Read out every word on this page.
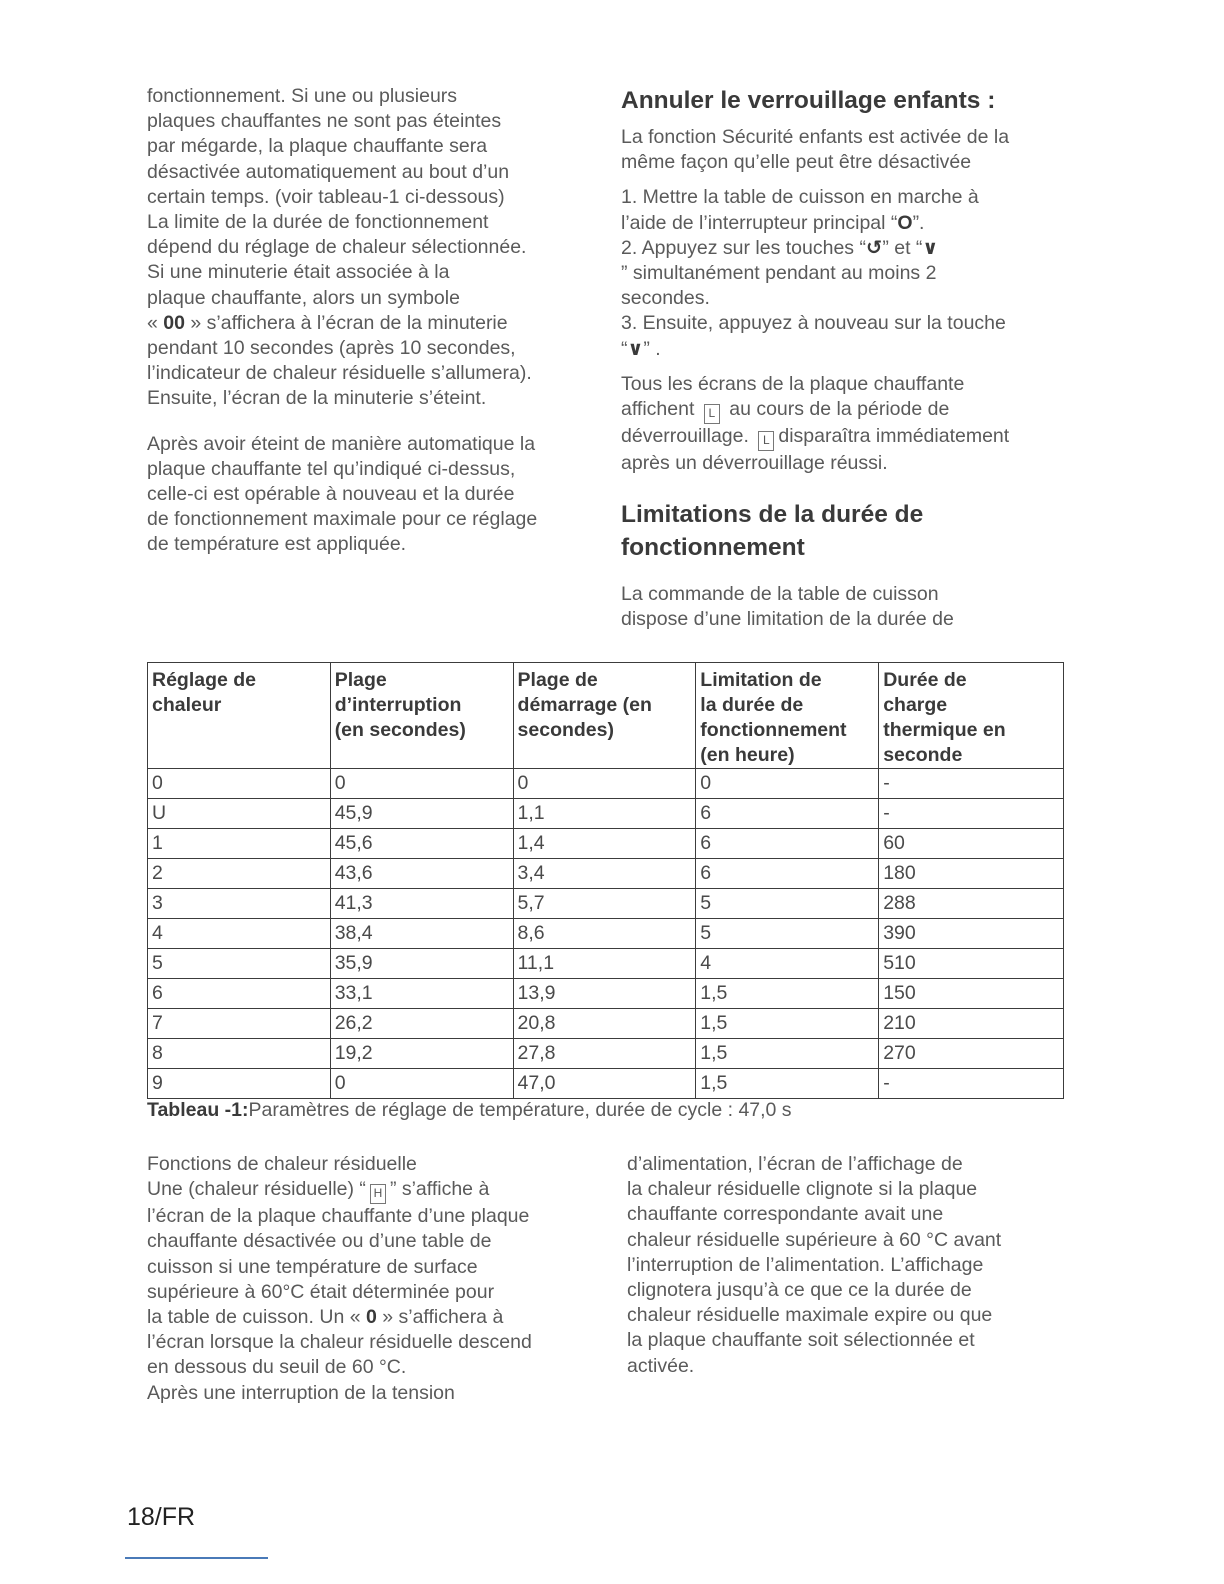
fonctionnement. Si une ou plusieurs

plaques chauffantes ne sont pas éteintes

par mégarde, la plaque chauffante sera

désactivée automatiquement au bout d’un

certain temps. (voir tableau-1 ci-dessous)

La limite de la durée de fonctionnement

dépend du réglage de chaleur sélectionnée.

Si une minuterie était associée à la

plaque chauffante, alors un symbole

« 00 » s’affichera à l’écran de la minuterie

pendant 10 secondes (après 10 secondes,

l’indicateur de chaleur résiduelle s’allumera).

Ensuite, l’écran de la minuterie s’éteint.

Après avoir éteint de manière automatique la

plaque chauffante tel qu’indiqué ci-dessus,

celle-ci est opérable à nouveau et la durée

de fonctionnement maximale pour ce réglage

de température est appliquée.

Annuler le verrouillage enfants :

La fonction Sécurité enfants est activée de la

même façon qu’elle peut être désactivée

1. Mettre la table de cuisson en marche à

l’aide de l’interrupteur principal “O”.

2. Appuyez sur les touches “↺” et “∨

” simultanément pendant au moins 2

secondes.

3. Ensuite, appuyez à nouveau sur la touche

“∨” .

Tous les écrans de la plaque chauffante

affichent L au cours de la période de

déverrouillage. L disparaîtra immédiatement

après un déverrouillage réussi.

Limitations de la durée de
fonctionnement

La commande de la table de cuisson

dispose d’une limitation de la durée de

Réglage de
chaleur	Plage
d’interruption
(en secondes)	Plage de
démarrage (en
secondes)	Limitation de
la durée de
fonctionnement
(en heure)	Durée de
charge
thermique en
seconde
0	0	0	0	-
U	45,9	1,1	6	-
1	45,6	1,4	6	60
2	43,6	3,4	6	180
3	41,3	5,7	5	288
4	38,4	8,6	5	390
5	35,9	11,1	4	510
6	33,1	13,9	1,5	150
7	26,2	20,8	1,5	210
8	19,2	27,8	1,5	270
9	0	47,0	1,5	-
Tableau -1:Paramètres de réglage de température, durée de cycle : 47,0 s

Fonctions de chaleur résiduelle

Une (chaleur résiduelle) “ H ” s’affiche à

l’écran de la plaque chauffante d’une plaque

chauffante désactivée ou d’une table de

cuisson si une température de surface

supérieure à 60°C était déterminée pour

la table de cuisson. Un « 0 » s’affichera à

l’écran lorsque la chaleur résiduelle descend

en dessous du seuil de 60 °C.

Après une interruption de la tension

d’alimentation, l’écran de l’affichage de

la chaleur résiduelle clignote si la plaque

chauffante correspondante avait une

chaleur résiduelle supérieure à 60 °C avant

l’interruption de l’alimentation. L’affichage

clignotera jusqu’à ce que ce la durée de

chaleur résiduelle maximale expire ou que

la plaque chauffante soit sélectionnée et

activée.

18/FR
